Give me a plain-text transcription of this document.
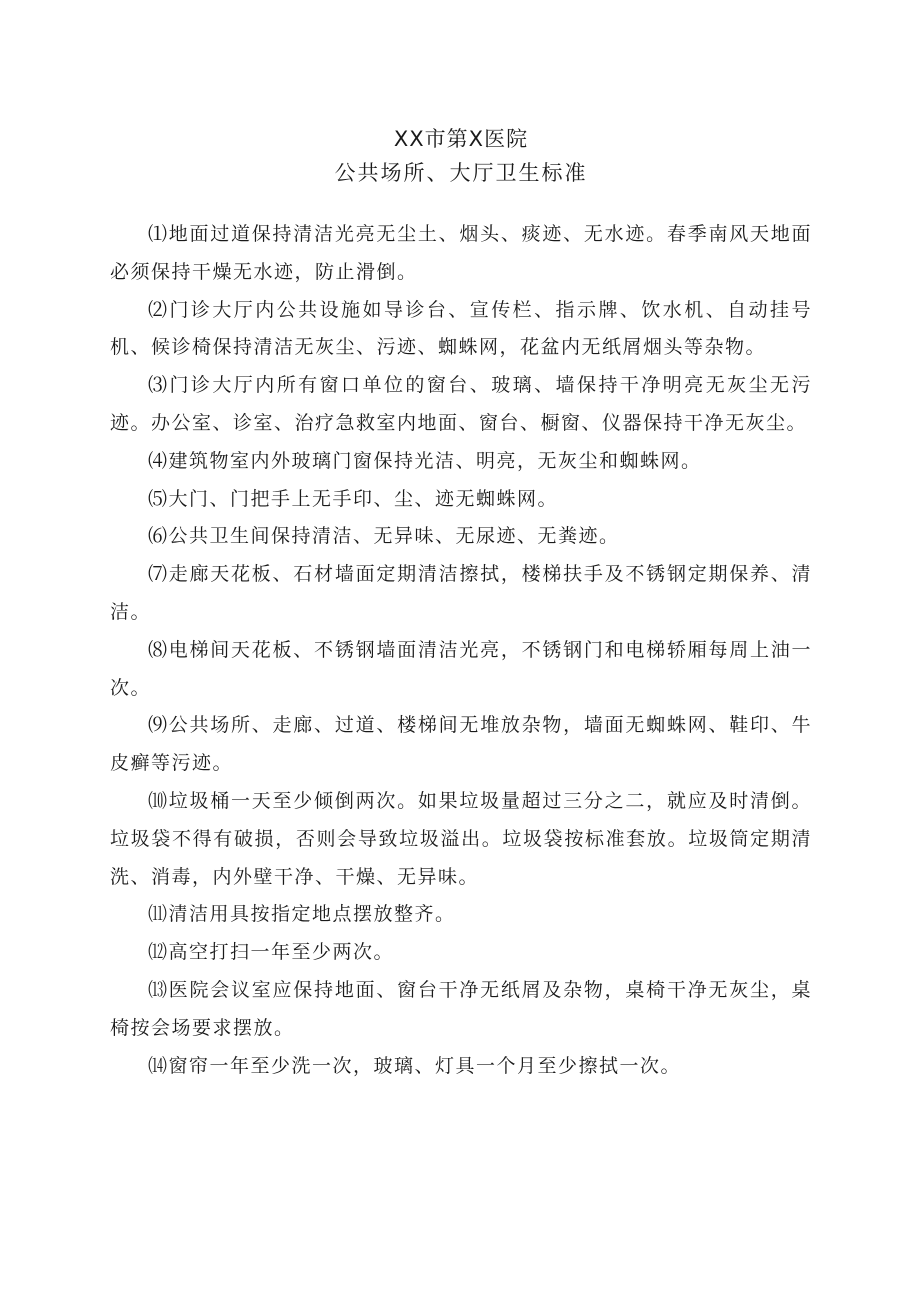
XX市第X医院
公共场所、大厅卫生标准

⑴地面过道保持清洁光亮无尘土、烟头、痰迹、无水迹。春季南风天地面必须保持干燥无水迹，防止滑倒。

⑵门诊大厅内公共设施如导诊台、宣传栏、指示牌、饮水机、自动挂号机、候诊椅保持清洁无灰尘、污迹、蜘蛛网，花盆内无纸屑烟头等杂物。

⑶门诊大厅内所有窗口单位的窗台、玻璃、墙保持干净明亮无灰尘无污迹。办公室、诊室、治疗急救室内地面、窗台、橱窗、仪器保持干净无灰尘。

⑷建筑物室内外玻璃门窗保持光洁、明亮，无灰尘和蜘蛛网。

⑸大门、门把手上无手印、尘、迹无蜘蛛网。

⑹公共卫生间保持清洁、无异味、无尿迹、无粪迹。

⑺走廊天花板、石材墙面定期清洁擦拭，楼梯扶手及不锈钢定期保养、清洁。

⑻电梯间天花板、不锈钢墙面清洁光亮，不锈钢门和电梯轿厢每周上油一次。

⑼公共场所、走廊、过道、楼梯间无堆放杂物，墙面无蜘蛛网、鞋印、牛皮癣等污迹。

⑽垃圾桶一天至少倾倒两次。如果垃圾量超过三分之二，就应及时清倒。垃圾袋不得有破损，否则会导致垃圾溢出。垃圾袋按标准套放。垃圾筒定期清洗、消毒，内外壁干净、干燥、无异味。

⑾清洁用具按指定地点摆放整齐。

⑿高空打扫一年至少两次。

⒀医院会议室应保持地面、窗台干净无纸屑及杂物，桌椅干净无灰尘，桌椅按会场要求摆放。

⒁窗帘一年至少洗一次，玻璃、灯具一个月至少擦拭一次。
